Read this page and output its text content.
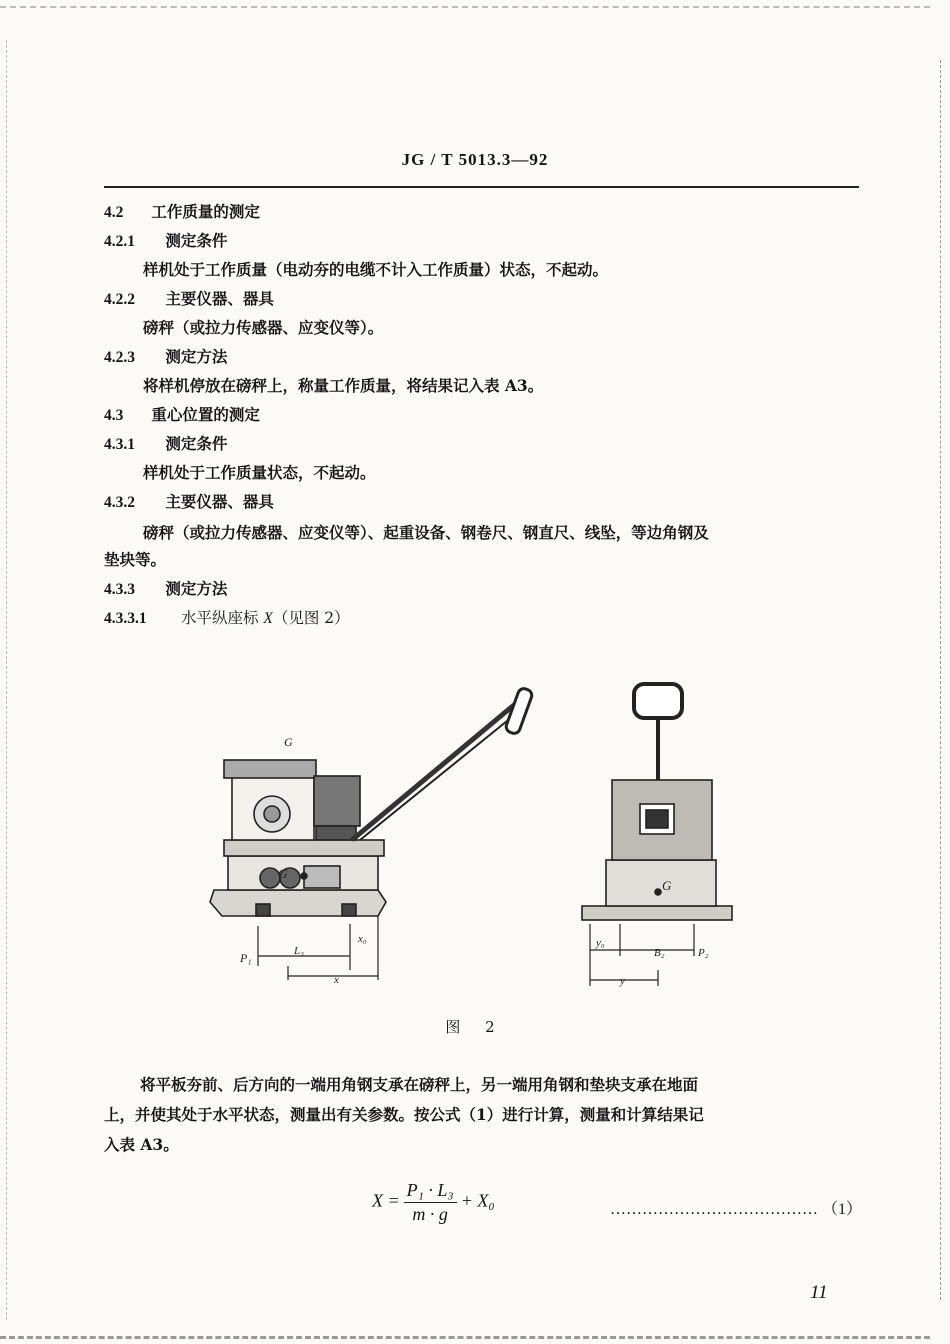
JG / T 5013.3—92
4.2 工作质量的测定
4.2.1 测定条件
样机处于工作质量（电动夯的电缆不计入工作质量）状态，不起动。
4.2.2 主要仪器、器具
磅秤（或拉力传感器、应变仪等）。
4.2.3 测定方法
将样机停放在磅秤上，称量工作质量，将结果记入表 A3。
4.3 重心位置的测定
4.3.1 测定条件
样机处于工作质量状态，不起动。
4.3.2 主要仪器、器具
磅秤（或拉力传感器、应变仪等）、起重设备、钢卷尺、钢直尺、线坠，等边角钢及
垫块等。
4.3.3 测定方法
4.3.3.1 水平纵座标 X（见图 2）
G
G
P₁	L₃
x₀
x
G
y₀
B₂	P₂
y
图 2
将平板夯前、后方向的一端用角钢支承在磅秤上，另一端用角钢和垫块支承在地面
上，并使其处于水平状态，测量出有关参数。按公式（1）进行计算，测量和计算结果记
入表 A3。
$X = \frac{\text{P₁ · L₃}}{m \cdot g} + X_0$	………………………………… （1）
11
